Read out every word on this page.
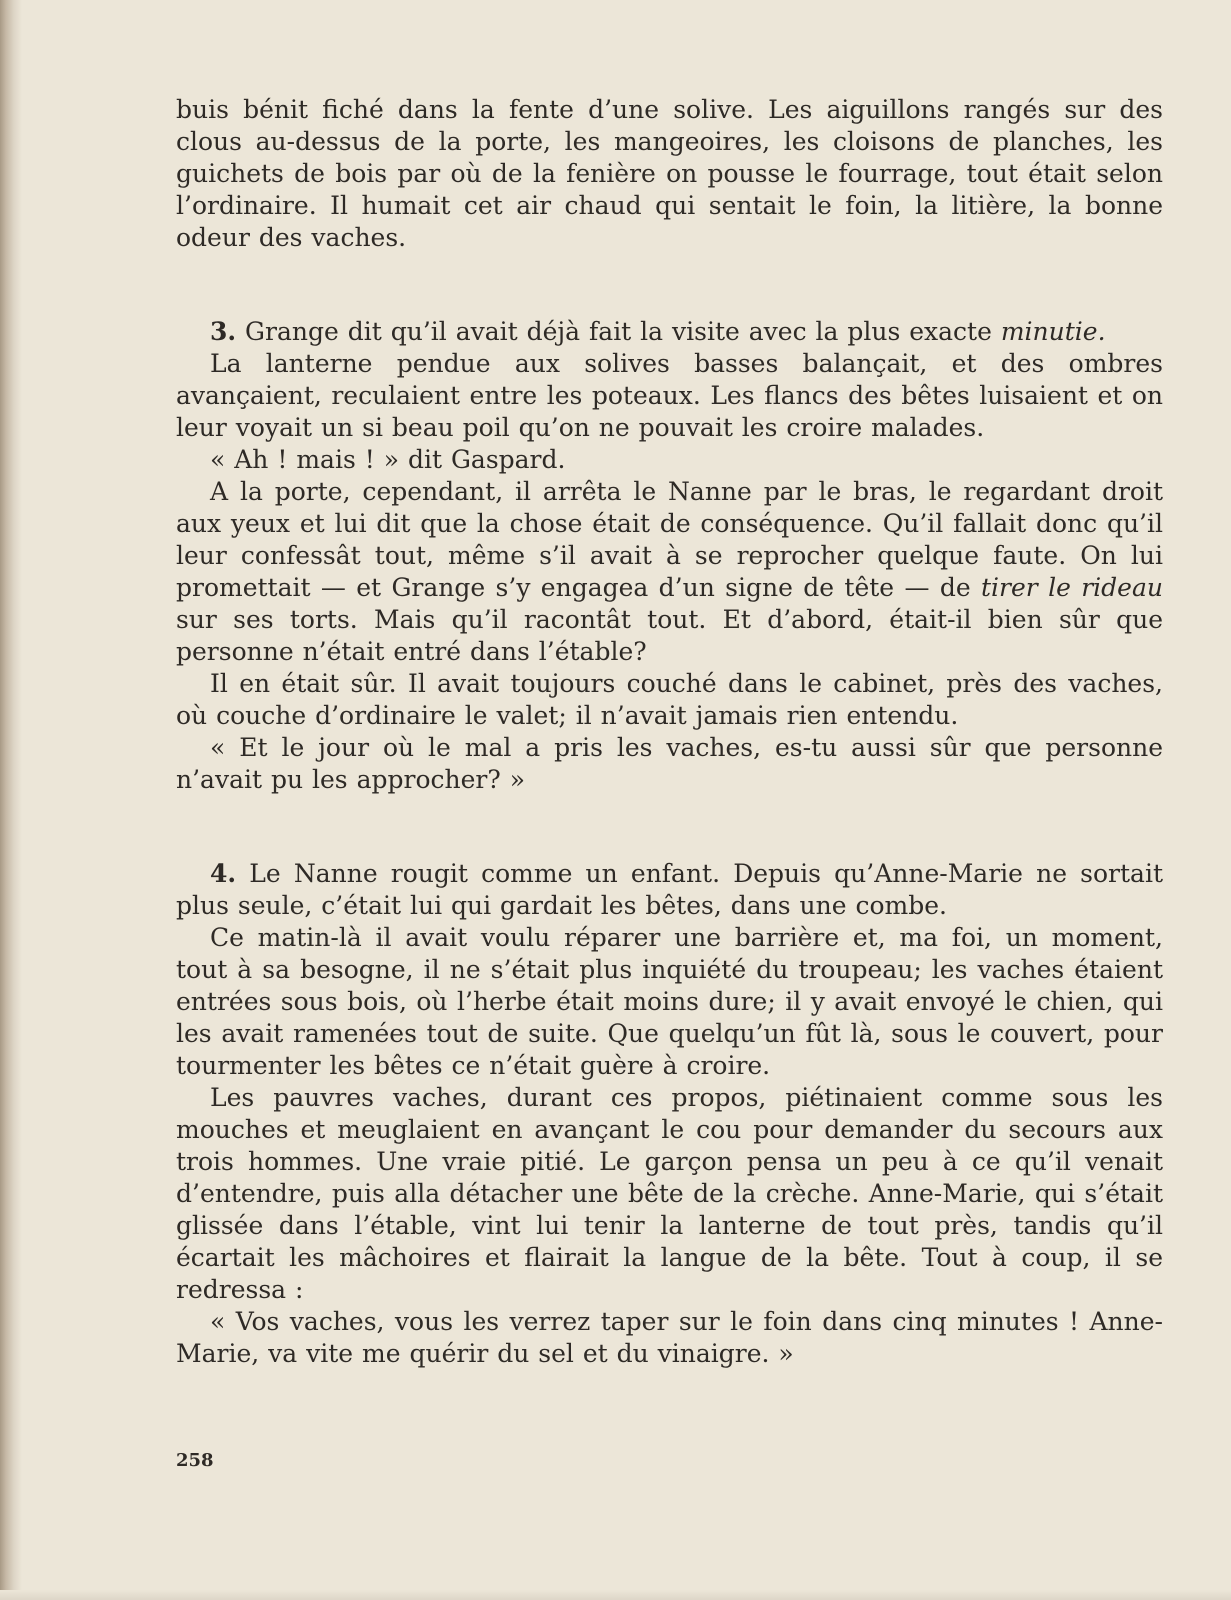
buis bénit fiché dans la fente d’une solive. Les aiguillons rangés sur des clous au-dessus de la porte, les mangeoires, les cloisons de planches, les guichets de bois par où de la fenière on pousse le fourrage, tout était selon l’ordinaire. Il humait cet air chaud qui sentait le foin, la litière, la bonne odeur des vaches.

3. Grange dit qu’il avait déjà fait la visite avec la plus exacte minutie.

La lanterne pendue aux solives basses balançait, et des ombres avançaient, reculaient entre les poteaux. Les flancs des bêtes luisaient et on leur voyait un si beau poil qu’on ne pouvait les croire malades.

« Ah ! mais ! » dit Gaspard.

A la porte, cependant, il arrêta le Nanne par le bras, le regardant droit aux yeux et lui dit que la chose était de conséquence. Qu’il fallait donc qu’il leur confessât tout, même s’il avait à se reprocher quelque faute. On lui promettait — et Grange s’y engagea d’un signe de tête — de tirer le rideau sur ses torts. Mais qu’il racontât tout. Et d’abord, était-il bien sûr que personne n’était entré dans l’étable?

Il en était sûr. Il avait toujours couché dans le cabinet, près des vaches, où couche d’ordinaire le valet; il n’avait jamais rien entendu.

« Et le jour où le mal a pris les vaches, es-tu aussi sûr que personne n’avait pu les approcher? »

4. Le Nanne rougit comme un enfant. Depuis qu’Anne-Marie ne sortait plus seule, c’était lui qui gardait les bêtes, dans une combe.

Ce matin-là il avait voulu réparer une barrière et, ma foi, un moment, tout à sa besogne, il ne s’était plus inquiété du troupeau; les vaches étaient entrées sous bois, où l’herbe était moins dure; il y avait envoyé le chien, qui les avait ramenées tout de suite. Que quelqu’un fût là, sous le couvert, pour tourmenter les bêtes ce n’était guère à croire.

Les pauvres vaches, durant ces propos, piétinaient comme sous les mouches et meuglaient en avançant le cou pour demander du secours aux trois hommes. Une vraie pitié. Le garçon pensa un peu à ce qu’il venait d’entendre, puis alla détacher une bête de la crèche. Anne-Marie, qui s’était glissée dans l’étable, vint lui tenir la lanterne de tout près, tandis qu’il écartait les mâchoires et flairait la langue de la bête. Tout à coup, il se redressa :

« Vos vaches, vous les verrez taper sur le foin dans cinq minutes ! Anne-Marie, va vite me quérir du sel et du vinaigre. »

258
